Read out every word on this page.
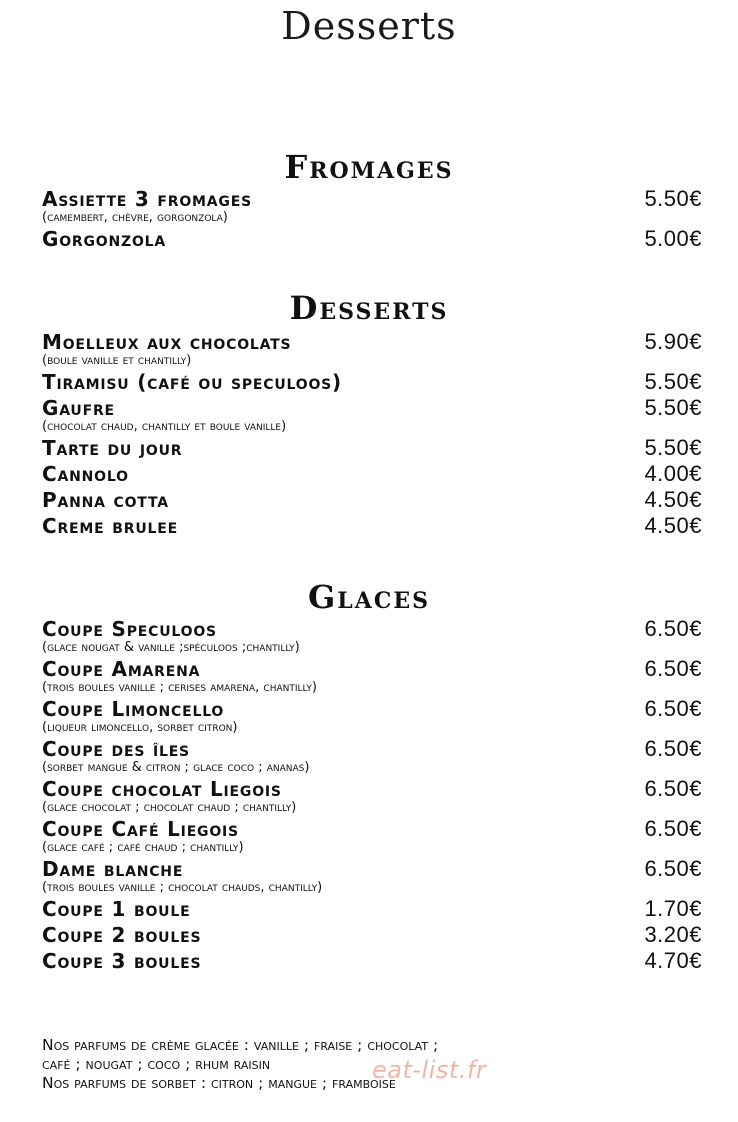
Desserts
Fromages
Assiette 3 fromages	5.50€
(camembert, chèvre, gorgonzola)
Gorgonzola	5.00€
Desserts
Moelleux aux chocolats	5.90€
(boule vanille et chantilly)
Tiramisu (café ou speculoos)	5.50€
Gaufre	5.50€
(chocolat chaud, chantilly et boule vanille)
Tarte du jour	5.50€
Cannolo	4.00€
Panna cotta	4.50€
Creme brulee	4.50€
Glaces
Coupe Speculoos	6.50€
(glace nougat & vanille ;spéculoos ;chantilly)
Coupe Amarena	6.50€
(trois boules vanille ; cerises amarena, chantilly)
Coupe Limoncello	6.50€
(liqueur limoncello, sorbet citron)
Coupe des îles	6.50€
(sorbet mangue & citron ; glace coco ; ananas)
Coupe chocolat Liegois	6.50€
(glace chocolat ; chocolat chaud ; chantilly)
Coupe Café Liegois	6.50€
(glace café ; café chaud ; chantilly)
Dame blanche	6.50€
(trois boules vanille ; chocolat chauds, chantilly)
Coupe 1 boule	1.70€
Coupe 2 boules	3.20€
Coupe 3 boules	4.70€
Nos parfums de crème glacée : vanille ; fraise ; chocolat ;
café ; nougat ; coco ; rhum raisin
Nos parfums de sorbet : citron ; mangue ; framboise
eat-list.fr
